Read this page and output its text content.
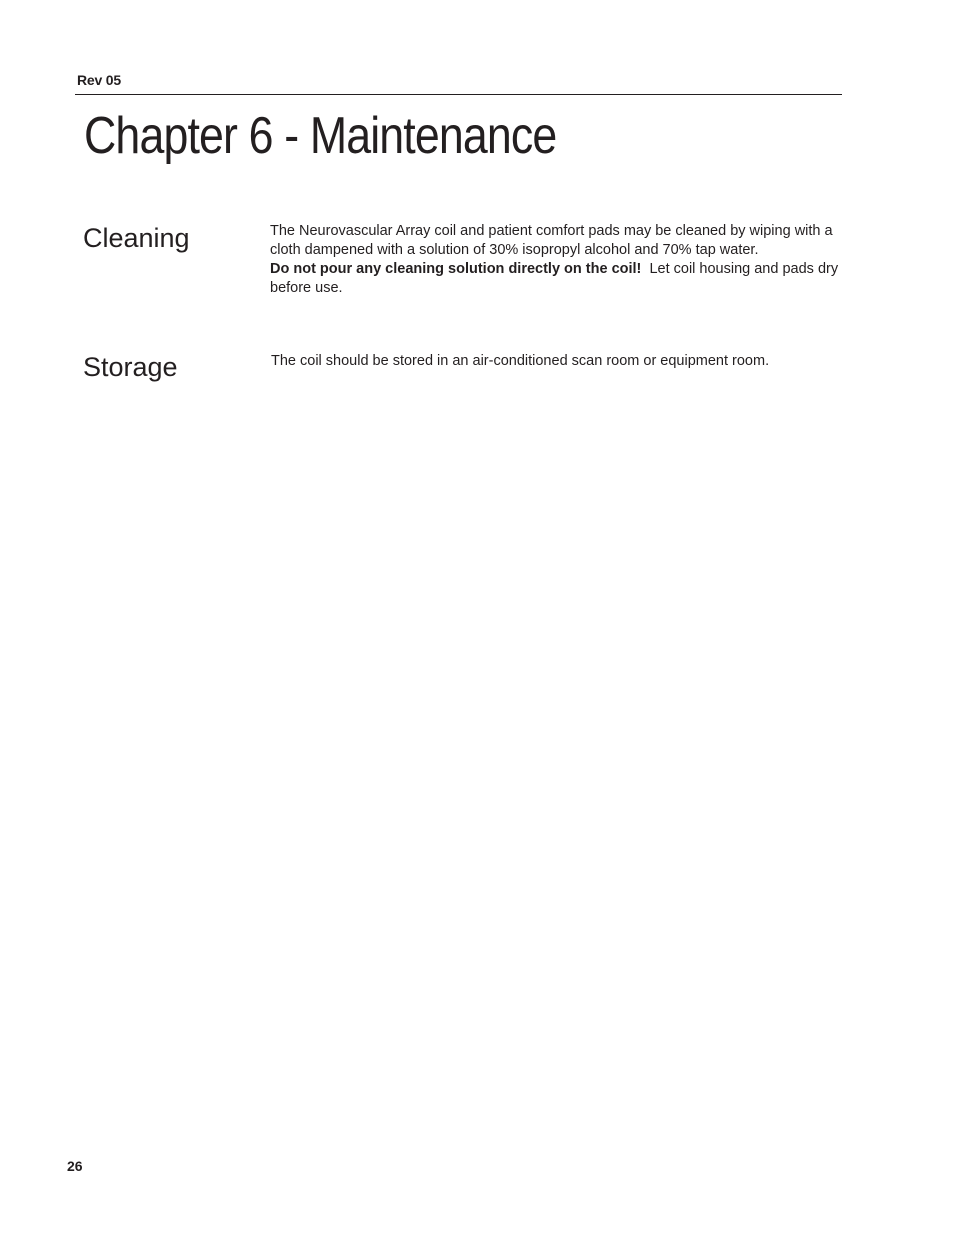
Rev 05
Chapter 6 - Maintenance
Cleaning	The Neurovascular Array coil and patient comfort pads may be cleaned by wiping with a cloth dampened with a solution of 30% isopropyl alcohol and 70% tap water.
Do not pour any cleaning solution directly on the coil! Let coil housing and pads dry before use.

Storage	The coil should be stored in an air-conditioned scan room or equipment room.

26
